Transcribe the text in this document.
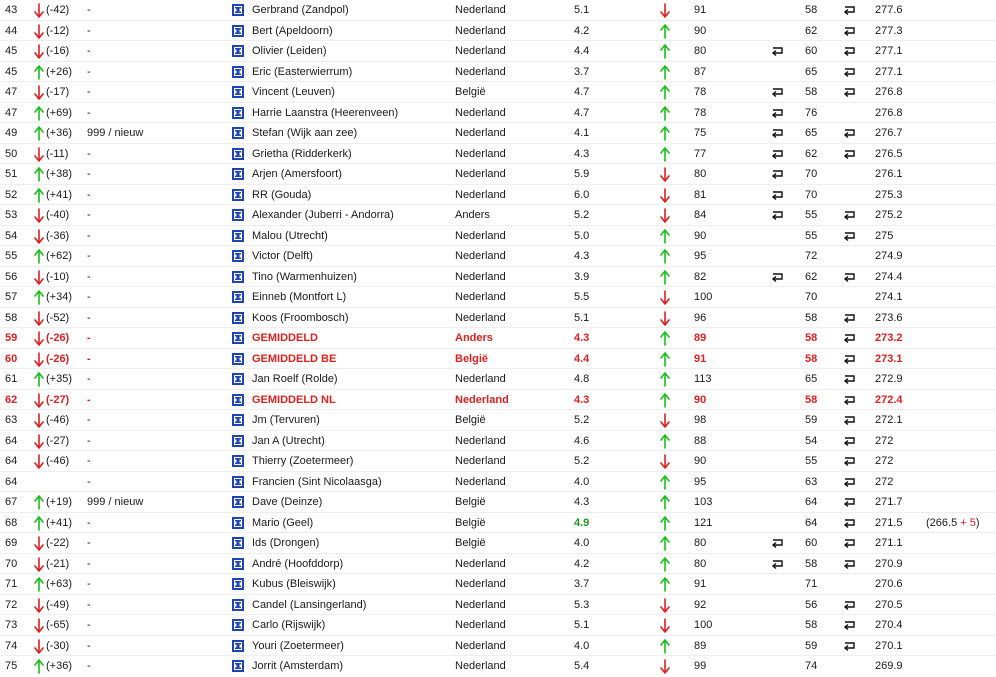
43	(-42) -	Gerbrand (Zandpol)	Nederland	5.1	91	58	277.6
44	(-12) -	Bert (Apeldoorn)	Nederland	4.2	90	62	277.3
45	(-16) -	Olivier (Leiden)	Nederland	4.4	80	60	277.1
45	(+26) -	Eric (Easterwierrum)	Nederland	3.7	87	65	277.1
47	(-17) -	Vincent (Leuven)	België	4.7	78	58	276.8
47	(+69) -	Harrie Laanstra (Heerenveen)	Nederland	4.7	78	76	276.8
49	(+36) 999 / nieuw	Stefan (Wijk aan zee)	Nederland	4.1	75	65	276.7
50	(-11) -	Grietha (Ridderkerk)	Nederland	4.3	77	62	276.5
51	(+38) -	Arjen (Amersfoort)	Nederland	5.9	80	70	276.1
52	(+41) -	RR (Gouda)	Nederland	6.0	81	70	275.3
53	(-40) -	Alexander (Juberri - Andorra)	Anders	5.2	84	55	275.2
54	(-36) -	Malou (Utrecht)	Nederland	5.0	90	55	275
55	(+62) -	Victor (Delft)	Nederland	4.3	95	72	274.9
56	(-10) -	Tino (Warmenhuizen)	Nederland	3.9	82	62	274.4
57	(+34) -	Einneb (Montfort L)	Nederland	5.5	100	70	274.1
58	(-52) -	Koos (Froombosch)	Nederland	5.1	96	58	273.6
59	(-26) -	GEMIDDELD	Anders	4.3	89	58	273.2
60	(-26) -	GEMIDDELD BE	België	4.4	91	58	273.1
61	(+35) -	Jan Roelf (Rolde)	Nederland	4.8	113	65	272.9
62	(-27) -	GEMIDDELD NL	Nederland	4.3	90	58	272.4
63	(-46) -	Jm (Tervuren)	België	5.2	98	59	272.1
64	(-27) -	Jan A (Utrecht)	Nederland	4.6	88	54	272
64	(-46) -	Thierry (Zoetermeer)	Nederland	5.2	90	55	272
64	-	Francien (Sint Nicolaasga)	Nederland	4.0	95	63	272
67	(+19) 999 / nieuw	Dave (Deinze)	België	4.3	103	64	271.7
68	(+41) -	Mario (Geel)	België	4.9	121	64	271.5 (266.5 + 5)
69	(-22) -	Ids (Drongen)	België	4.0	80	60	271.1
70	(-21) -	André (Hoofddorp)	Nederland	4.2	80	58	270.9
71	(+63) -	Kubus (Bleiswijk)	Nederland	3.7	91	71	270.6
72	(-49) -	Candel (Lansingerland)	Nederland	5.3	92	56	270.5
73	(-65) -	Carlo (Rijswijk)	Nederland	5.1	100	58	270.4
74	(-30) -	Youri (Zoetermeer)	Nederland	4.0	89	59	270.1
75	(+36) -	Jorrit (Amsterdam)	Nederland	5.4	99	74	269.9
